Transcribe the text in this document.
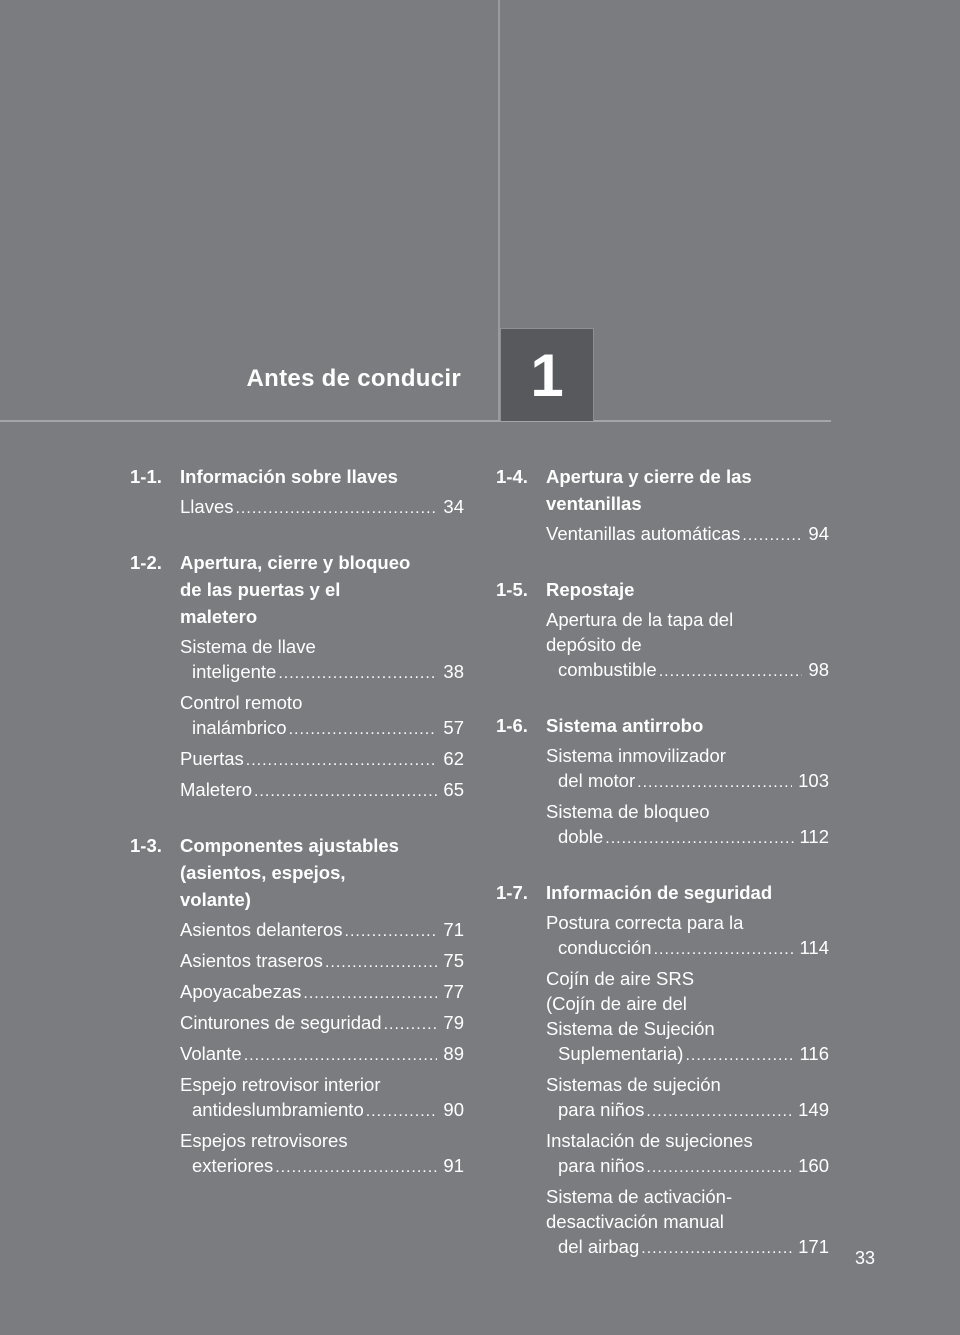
Antes de conducir 1
1-1. Información sobre llaves
Llaves .....	34
1-2. Apertura, cierre y bloqueo
de las puertas y el
maletero
Sistema de llave
inteligente .....	38
Control remoto
inalámbrico .....	57
Puertas .....	62
Maletero .....	65
1-3. Componentes ajustables
(asientos, espejos,
volante)
Asientos delanteros .....	71
Asientos traseros .....	75
Apoyacabezas .....	77
Cinturones de seguridad .....	79
Volante .....	89
Espejo retrovisor interior
antideslumbramiento .....	90
Espejos retrovisores
exteriores .....	91
1-4. Apertura y cierre de las
ventanillas
Ventanillas automáticas .....	94
1-5. Repostaje
Apertura de la tapa del
depósito de
combustible .....	98
1-6. Sistema antirrobo
Sistema inmovilizador
del motor .....	103
Sistema de bloqueo
doble .....	112
1-7. Información de seguridad
Postura correcta para la
conducción .....	114
Cojín de aire SRS
(Cojín de aire del
Sistema de Sujeción
Suplementaria) .....	116
Sistemas de sujeción
para niños .....	149
Instalación de sujeciones
para niños .....	160
Sistema de activación-
desactivación manual
del airbag .....	171
33
